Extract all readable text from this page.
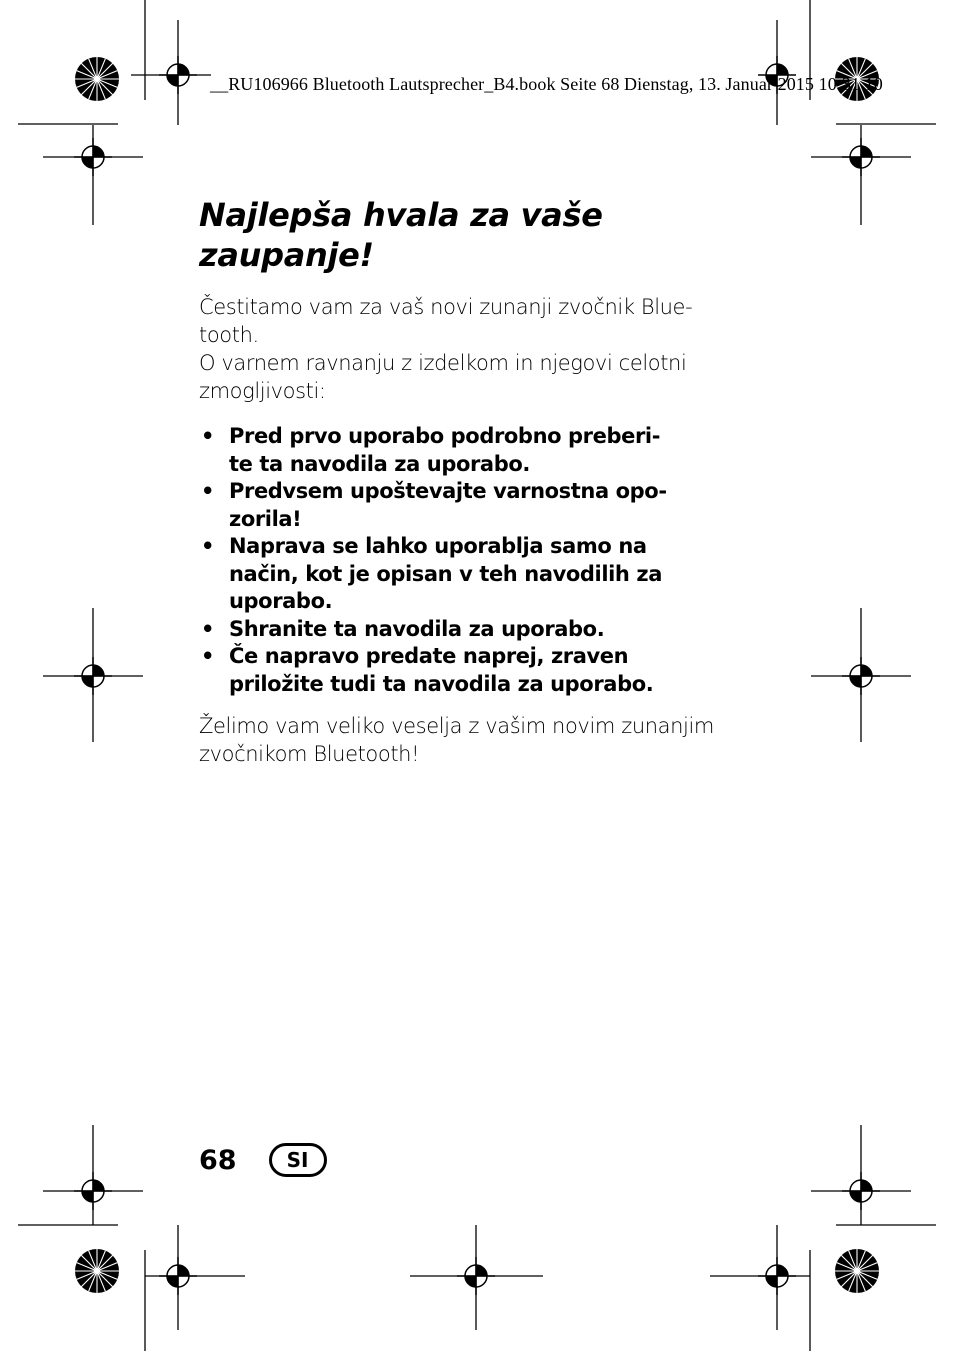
__RU106966 Bluetooth Lautsprecher_B4.book Seite 68 Dienstag, 13. Januar 2015 10:31 10
Najlepša hvala za vaše
zaupanje!

Čestitamo vam za vaš novi zunanji zvočnik Blue-
tooth.
O varnem ravnanju z izdelkom in njegovi celotni
zmogljivosti:

• Pred prvo uporabo podrobno preberi-
te ta navodila za uporabo.
• Predvsem upoštevajte varnostna opo-
zorila!
• Naprava se lahko uporablja samo na
način, kot je opisan v teh navodilih za
uporabo.
• Shranite ta navodila za uporabo.
• Če napravo predate naprej, zraven
priložite tudi ta navodila za uporabo.

Želimo vam veliko veselja z vašim novim zunanjim
zvočnikom Bluetooth!

68	SI
